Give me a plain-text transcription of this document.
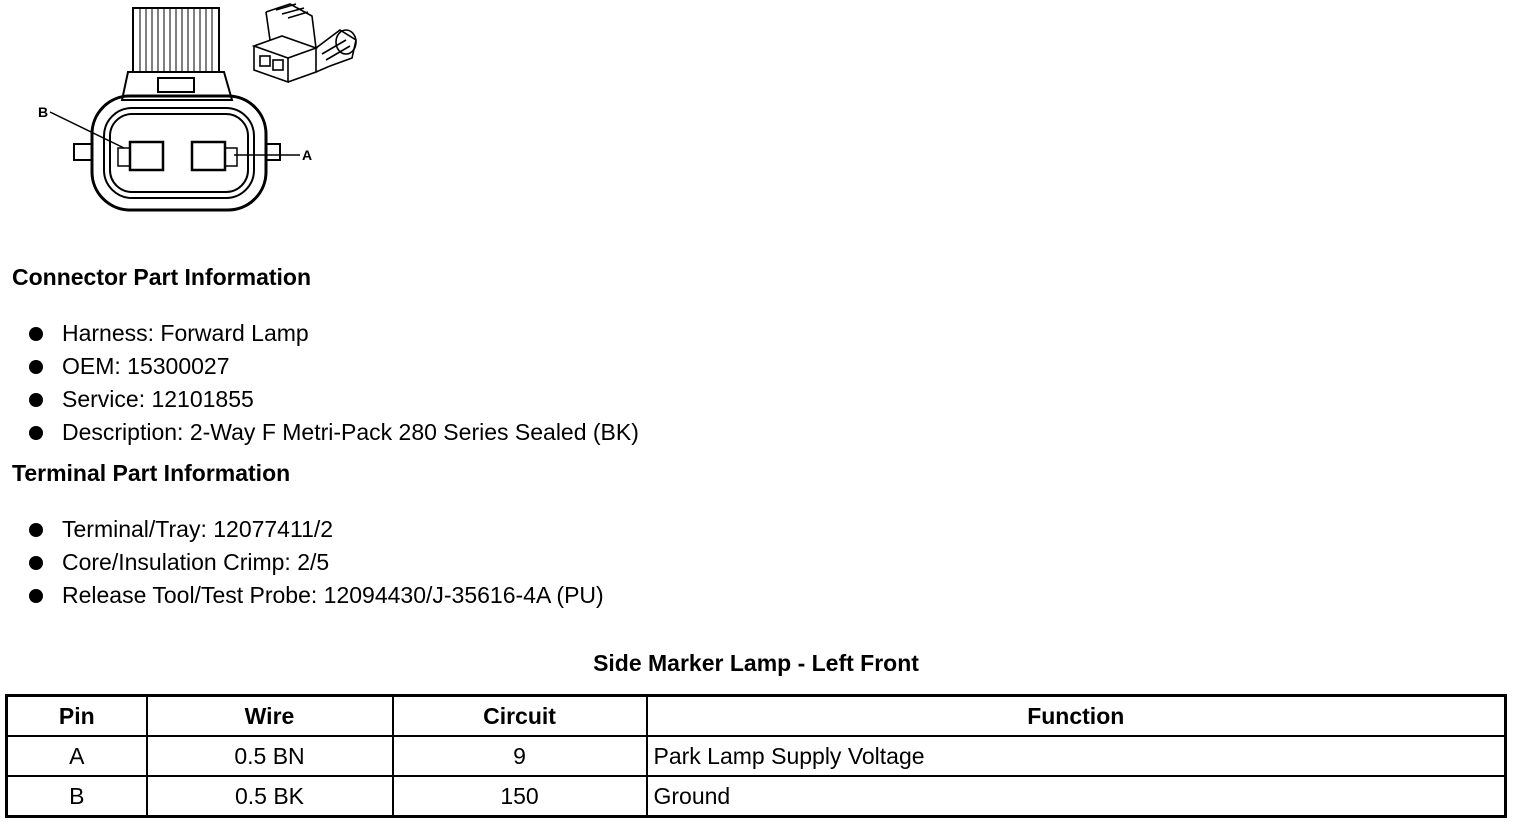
B
A
Connector Part Information
Harness: Forward Lamp
OEM: 15300027
Service: 12101855
Description: 2-Way F Metri-Pack 280 Series Sealed (BK)
Terminal Part Information
Terminal/Tray: 12077411/2
Core/Insulation Crimp: 2/5
Release Tool/Test Probe: 12094430/J-35616-4A (PU)
Side Marker Lamp - Left Front
Pin	Wire	Circuit	Function
A	0.5 BN	9	Park Lamp Supply Voltage
B	0.5 BK	150	Ground
